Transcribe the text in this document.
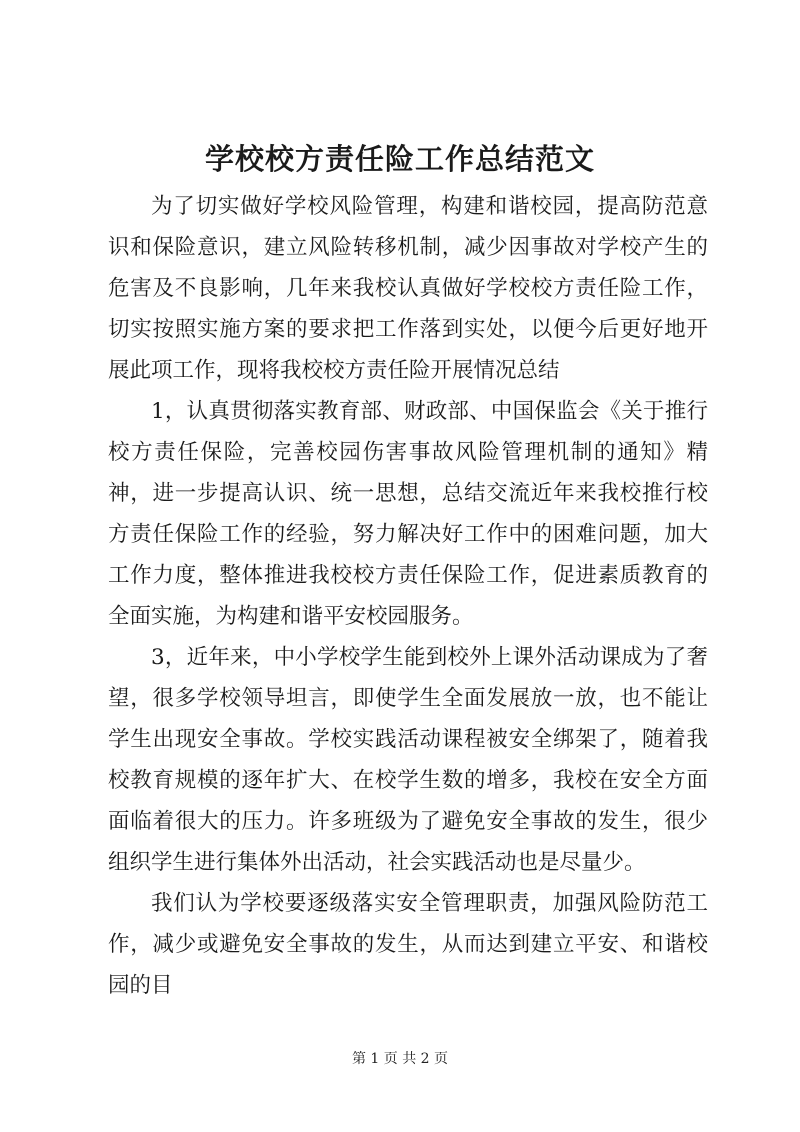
学校校方责任险工作总结范文

为了切实做好学校风险管理，构建和谐校园，提高防范意识和保险意识，建立风险转移机制，减少因事故对学校产生的危害及不良影响，几年来我校认真做好学校校方责任险工作，切实按照实施方案的要求把工作落到实处，以便今后更好地开展此项工作，现将我校校方责任险开展情况总结

1，认真贯彻落实教育部、财政部、中国保监会《关于推行校方责任保险，完善校园伤害事故风险管理机制的通知》精神，进一步提高认识、统一思想，总结交流近年来我校推行校方责任保险工作的经验，努力解决好工作中的困难问题，加大工作力度，整体推进我校校方责任保险工作，促进素质教育的全面实施，为构建和谐平安校园服务。

3，近年来，中小学校学生能到校外上课外活动课成为了奢望，很多学校领导坦言，即使学生全面发展放一放，也不能让学生出现安全事故。学校实践活动课程被安全绑架了，随着我校教育规模的逐年扩大、在校学生数的增多，我校在安全方面面临着很大的压力。许多班级为了避免安全事故的发生，很少组织学生进行集体外出活动，社会实践活动也是尽量少。

我们认为学校要逐级落实安全管理职责，加强风险防范工作，减少或避免安全事故的发生，从而达到建立平安、和谐校园的目

第 1 页 共 2 页
